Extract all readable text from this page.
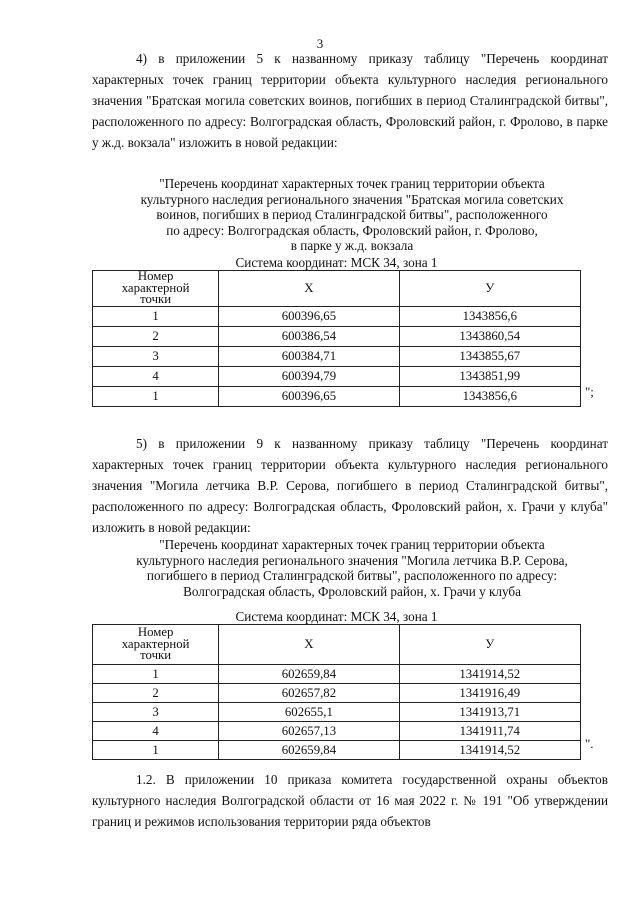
3

4) в приложении 5 к названному приказу таблицу "Перечень координат характерных точек границ территории объекта культурного наследия регионального значения "Братская могила советских воинов, погибших в период Сталинградской битвы", расположенного по адресу: Волгоградская область, Фроловский район, г. Фролово, в парке у ж.д. вокзала" изложить в новой редакции:

"Перечень координат характерных точек границ территории объекта
культурного наследия регионального значения "Братская могила советских
воинов, погибших в период Сталинградской битвы", расположенного
по адресу: Волгоградская область, Фроловский район, г. Фролово,
в парке у ж.д. вокзала
Система координат: МСК 34, зона 1
Номер
характерной
точки	X	У
1	600396,65	1343856,6
2	600386,54	1343860,54
3	600384,71	1343855,67
4	600394,79	1343851,99
1	600396,65	1343856,6	";

5) в приложении 9 к названному приказу таблицу "Перечень координат характерных точек границ территории объекта культурного наследия регионального значения "Могила летчика В.Р. Серова, погибшего в период Сталинградской битвы", расположенного по адресу: Волгоградская область, Фроловский район, х. Грачи у клуба" изложить в новой редакции:

"Перечень координат характерных точек границ территории объекта
культурного наследия регионального значения "Могила летчика В.Р. Серова,
погибшего в период Сталинградской битвы", расположенного по адресу:
Волгоградская область, Фроловский район, х. Грачи у клуба
Система координат: МСК 34, зона 1
Номер
характерной
точки	X	У
1	602659,84	1341914,52
2	602657,82	1341916,49
3	602655,1	1341913,71
4	602657,13	1341911,74
1	602659,84	1341914,52	".

1.2. В приложении 10 приказа комитета государственной охраны объектов культурного наследия Волгоградской области от 16 мая 2022 г. № 191 "Об утверждении границ и режимов использования территории ряда объектов
